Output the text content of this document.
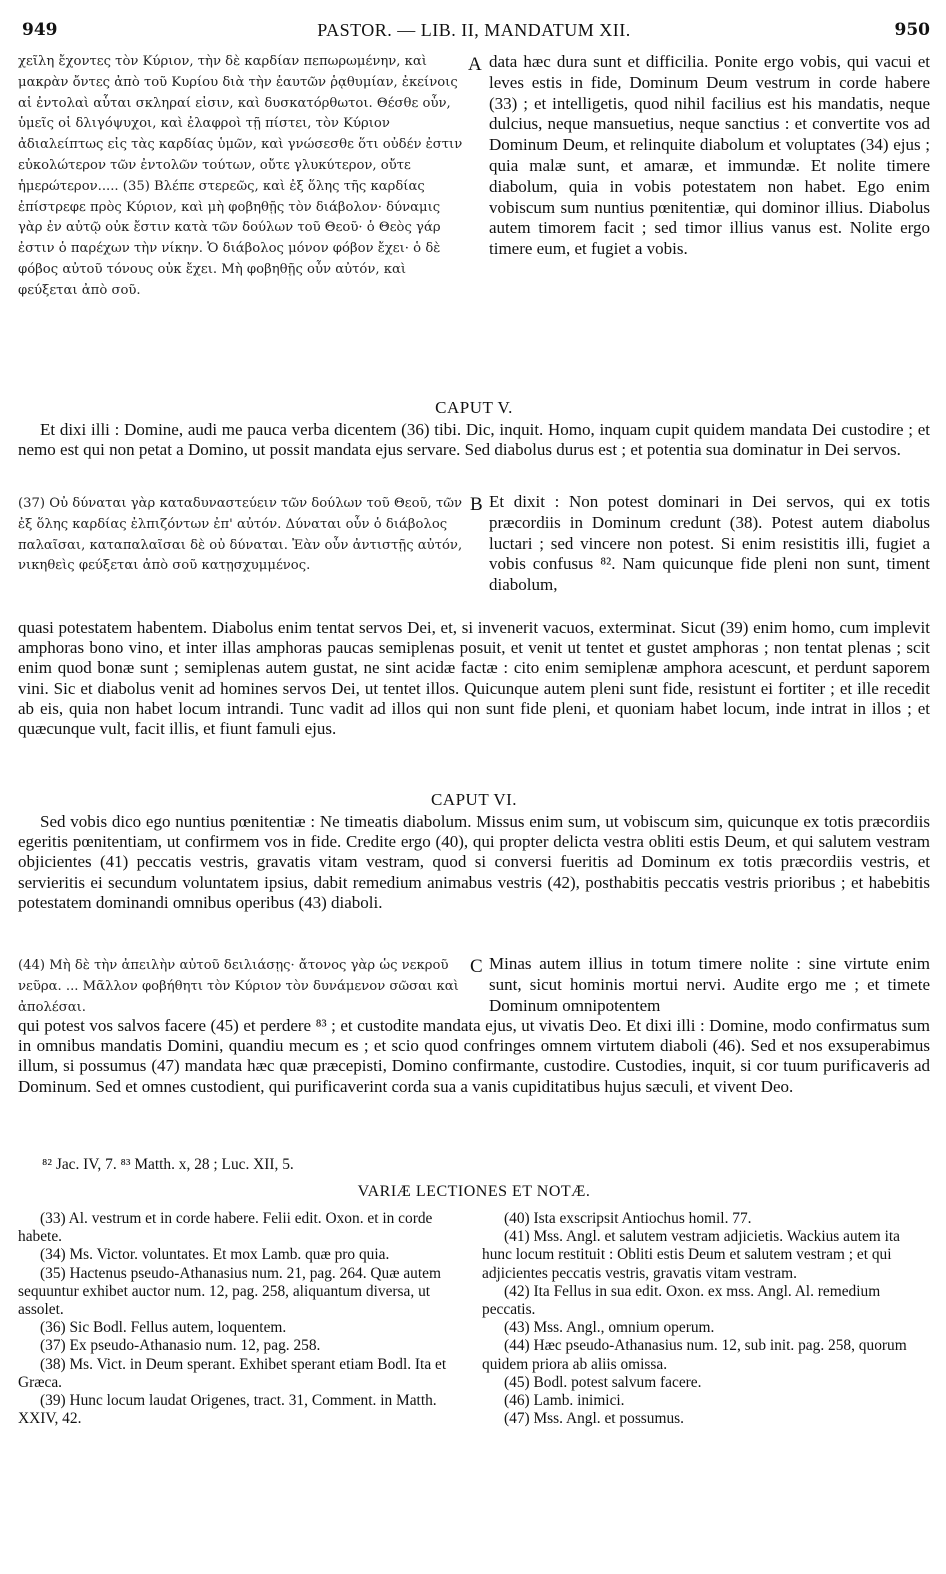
949	PASTOR. — LIB. II, MANDATUM XII.	950
χεῖλη ἔχοντες τὸν Κύριον, τὴν δὲ καρδίαν πεπωρωμένην, καὶ μακρὰν ὄντες ἀπὸ τοῦ Κυρίου διὰ τὴν ἑαυτῶν ῥᾳθυμίαν, ἐκείνοις αἱ ἐντολαὶ αὗται σκληραί εἰσιν, καὶ δυσκατόρθωτοι. Θέσθε οὖν, ὑμεῖς οἱ δλιγόψυχοι, καὶ ἐλαφροὶ τῇ πίστει, τὸν Κύριον ἀδιαλείπτως εἰς τὰς καρδίας ὑμῶν, καὶ γνώσεσθε ὅτι οὐδέν ἐστιν εὐκολώτερον τῶν ἐντολῶν τούτων, οὔτε γλυκύτερον, οὔτε ἡμερώτερον..... (35) Βλέπε στερεῶς, καὶ ἐξ ὅλης τῆς καρδίας ἐπίστρεφε πρὸς Κύριον, καὶ μὴ φοβηθῇς τὸν διάβολον· δύναμις γὰρ ἐν αὐτῷ οὐκ ἔστιν κατὰ τῶν δούλων τοῦ Θεοῦ· ὁ Θεὸς γάρ ἐστιν ὁ παρέχων τὴν νίκην. Ὁ διάβολος μόνον φόβον ἔχει· ὁ δὲ φόβος αὐτοῦ τόνους οὐκ ἔχει. Μὴ φοβηθῇς οὖν αὐτόν, καὶ φεύξεται ἀπὸ σοῦ.
A data hæc dura sunt et difficilia. Ponite ergo vobis, qui vacui et leves estis in fide, Dominum Deum vestrum in corde habere (33) ; et intelligetis, quod nihil facilius est his mandatis, neque dulcius, neque mansuetius, neque sanctius : et convertite vos ad Dominum Deum, et relinquite diabolum et voluptates (34) ejus ; quia malæ sunt, et amaræ, et immundæ. Et nolite timere diabolum, quia in vobis potestatem non habet. Ego enim vobiscum sum nuntius pœnitentiæ, qui dominor illius. Diabolus autem timorem facit ; sed timor illius vanus est. Nolite ergo timere eum, et fugiet a vobis.
CAPUT V.

Et dixi illi : Domine, audi me pauca verba dicentem (36) tibi. Dic, inquit. Homo, inquam cupit quidem mandata Dei custodire ; et nemo est qui non petat a Domino, ut possit mandata ejus servare. Sed diabolus durus est ; et potentia sua dominatur in Dei servos.

(37) Οὐ δύναται γὰρ καταδυναστεύειν τῶν δούλων τοῦ Θεοῦ, τῶν ἐξ ὅλης καρδίας ἐλπιζόντων ἐπ' αὐτόν. Δύναται οὖν ὁ διάβολος παλαῖσαι, καταπαλαῖσαι δὲ οὐ δύναται. Ἐὰν οὖν ἀντιστῇς αὐτόν, νικηθεὶς φεύξεται ἀπὸ σοῦ κατῃσχυμμένος.
B Et dixit : Non potest dominari in Dei servos, qui ex totis præcordiis in Dominum credunt (38). Potest autem diabolus luctari ; sed vincere non potest. Si enim resistitis illi, fugiet a vobis confusus ⁸². Nam quicunque fide pleni non sunt, timent diabolum,

quasi potestatem habentem. Diabolus enim tentat servos Dei, et, si invenerit vacuos, exterminat. Sicut (39) enim homo, cum implevit amphoras bono vino, et inter illas amphoras paucas semiplenas posuit, et venit ut tentet et gustet amphoras ; non tentat plenas ; scit enim quod bonæ sunt ; semiplenas autem gustat, ne sint acidæ factæ : cito enim semiplenæ amphora acescunt, et perdunt saporem vini. Sic et diabolus venit ad homines servos Dei, ut tentet illos. Quicunque autem pleni sunt fide, resistunt ei fortiter ; et ille recedit ab eis, quia non habet locum intrandi. Tunc vadit ad illos qui non sunt fide pleni, et quoniam habet locum, inde intrat in illos ; et quæcunque vult, facit illis, et fiunt famuli ejus.

CAPUT VI.

Sed vobis dico ego nuntius pœnitentiæ : Ne timeatis diabolum. Missus enim sum, ut vobiscum sim, quicunque ex totis præcordiis egeritis pœnitentiam, ut confirmem vos in fide. Credite ergo (40), qui propter delicta vestra obliti estis Deum, et qui salutem vestram objicientes (41) peccatis vestris, gravatis vitam vestram, quod si conversi fueritis ad Dominum ex totis præcordiis vestris, et servieritis ei secundum voluntatem ipsius, dabit remedium animabus vestris (42), posthabitis peccatis vestris prioribus ; et habebitis potestatem dominandi omnibus operibus (43) diaboli.

(44) Μὴ δὲ τὴν ἀπειλὴν αὐτοῦ δειλιάσῃς· ἄτονος γὰρ ὡς νεκροῦ νεῦρα. ... Μᾶλλον φοβήθητι τὸν Κύριον τὸν δυνάμενον σῶσαι καὶ ἀπολέσαι.
C Minas autem illius in totum timere nolite : sine virtute enim sunt, sicut hominis mortui nervi. Audite ergo me ; et timete Dominum omnipotentem

qui potest vos salvos facere (45) et perdere ⁸³ ; et custodite mandata ejus, ut vivatis Deo. Et dixi illi : Domine, modo confirmatus sum in omnibus mandatis Domini, quandiu mecum es ; et scio quod confringes omnem virtutem diaboli (46). Sed et nos exsuperabimus illum, si possumus (47) mandata hæc quæ præcepisti, Domino confirmante, custodire. Custodies, inquit, si cor tuum purificaveris ad Dominum. Sed et omnes custodient, qui purificaverint corda sua a vanis cupiditatibus hujus sæculi, et vivent Deo.

⁸² Jac. IV, 7. ⁸³ Matth. x, 28 ; Luc. XII, 5.
VARIÆ LECTIONES ET NOTÆ.

(33) Al. vestrum et in corde habere. Felii edit. Oxon. et in corde habete.

(34) Ms. Victor. voluntates. Et mox Lamb. quæ pro quia.

(35) Hactenus pseudo-Athanasius num. 21, pag. 264. Quæ autem sequuntur exhibet auctor num. 12, pag. 258, aliquantum diversa, ut assolet.

(36) Sic Bodl. Fellus autem, loquentem.

(37) Ex pseudo-Athanasio num. 12, pag. 258.

(38) Ms. Vict. in Deum sperant. Exhibet sperant etiam Bodl. Ita et Græca.

(39) Hunc locum laudat Origenes, tract. 31, Comment. in Matth. XXIV, 42.

(40) Ista exscripsit Antiochus homil. 77.

(41) Mss. Angl. et salutem vestram adjicietis. Wackius autem ita hunc locum restituit : Obliti estis Deum et salutem vestram ; et qui adjicientes peccatis vestris, gravatis vitam vestram.

(42) Ita Fellus in sua edit. Oxon. ex mss. Angl. Al. remedium peccatis.

(43) Mss. Angl., omnium operum.

(44) Hæc pseudo-Athanasius num. 12, sub init. pag. 258, quorum quidem priora ab aliis omissa.

(45) Bodl. potest salvum facere.

(46) Lamb. inimici.

(47) Mss. Angl. et possumus.
